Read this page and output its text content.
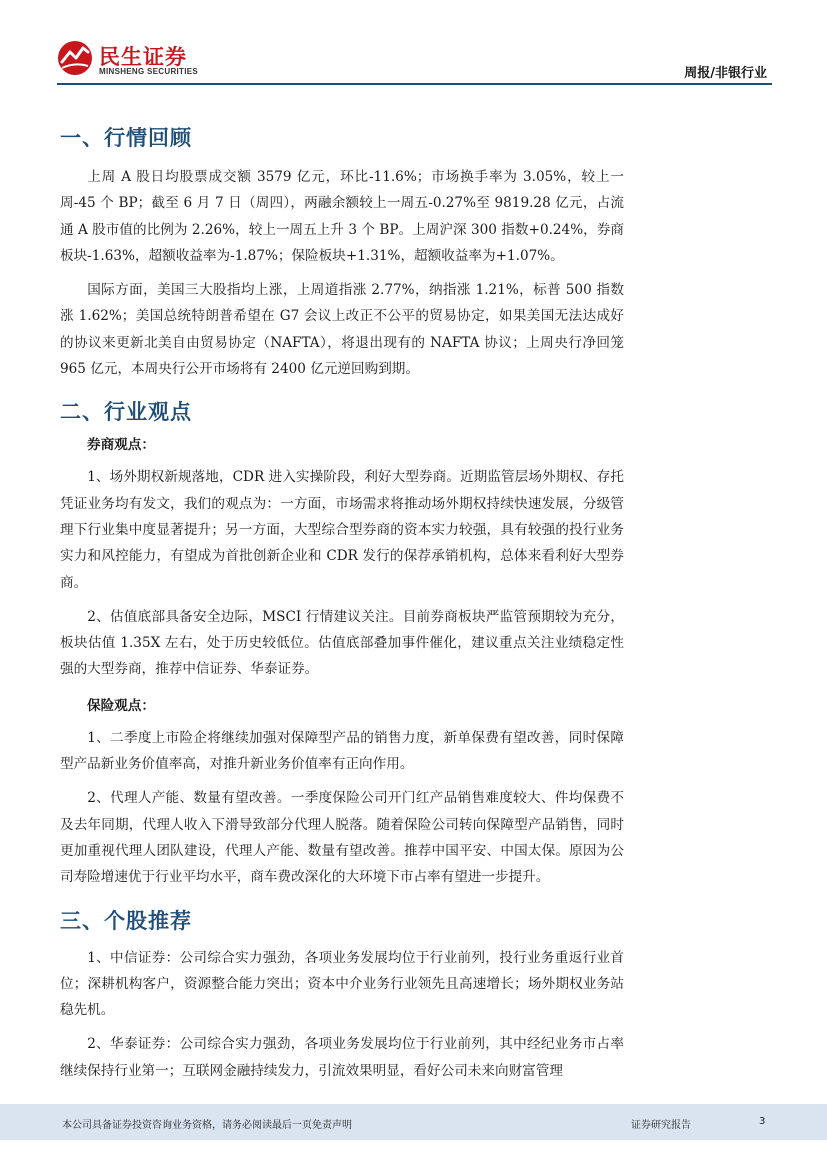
民生证券
MINSHENG SECURITIES	周报/非银行业
一、行情回顾

上周 A 股日均股票成交额 3579 亿元，环比-11.6%；市场换手率为 3.05%，较上一周-45 个 BP；截至 6 月 7 日（周四），两融余额较上一周五-0.27%至 9819.28 亿元，占流通 A 股市值的比例为 2.26%，较上一周五上升 3 个 BP。上周沪深 300 指数+0.24%，券商板块-1.63%，超额收益率为-1.87%；保险板块+1.31%，超额收益率为+1.07%。

国际方面，美国三大股指均上涨，上周道指涨 2.77%，纳指涨 1.21%，标普 500 指数涨 1.62%；美国总统特朗普希望在 G7 会议上改正不公平的贸易协定，如果美国无法达成好的协议来更新北美自由贸易协定（NAFTA），将退出现有的 NAFTA 协议；上周央行净回笼 965 亿元，本周央行公开市场将有 2400 亿元逆回购到期。

二、行业观点
券商观点：

1、场外期权新规落地，CDR 进入实操阶段，利好大型券商。近期监管层场外期权、存托凭证业务均有发文，我们的观点为：一方面，市场需求将推动场外期权持续快速发展，分级管理下行业集中度显著提升；另一方面，大型综合型券商的资本实力较强，具有较强的投行业务实力和风控能力，有望成为首批创新企业和 CDR 发行的保荐承销机构，总体来看利好大型券商。

2、估值底部具备安全边际，MSCI 行情建议关注。目前券商板块严监管预期较为充分，板块估值 1.35X 左右，处于历史较低位。估值底部叠加事件催化，建议重点关注业绩稳定性强的大型券商，推荐中信证券、华泰证券。

保险观点：

1、二季度上市险企将继续加强对保障型产品的销售力度，新单保费有望改善，同时保障型产品新业务价值率高，对推升新业务价值率有正向作用。

2、代理人产能、数量有望改善。一季度保险公司开门红产品销售难度较大、件均保费不及去年同期，代理人收入下滑导致部分代理人脱落。随着保险公司转向保障型产品销售，同时更加重视代理人团队建设，代理人产能、数量有望改善。推荐中国平安、中国太保。原因为公司寿险增速优于行业平均水平，商车费改深化的大环境下市占率有望进一步提升。

三、个股推荐

1、中信证券：公司综合实力强劲，各项业务发展均位于行业前列，投行业务重返行业首位；深耕机构客户，资源整合能力突出；资本中介业务行业领先且高速增长；场外期权业务站稳先机。

2、华泰证券：公司综合实力强劲，各项业务发展均位于行业前列，其中经纪业务市占率继续保持行业第一；互联网金融持续发力，引流效果明显，看好公司未来向财富管理

本公司具备证券投资咨询业务资格，请务必阅读最后一页免责声明	证券研究报告	3
